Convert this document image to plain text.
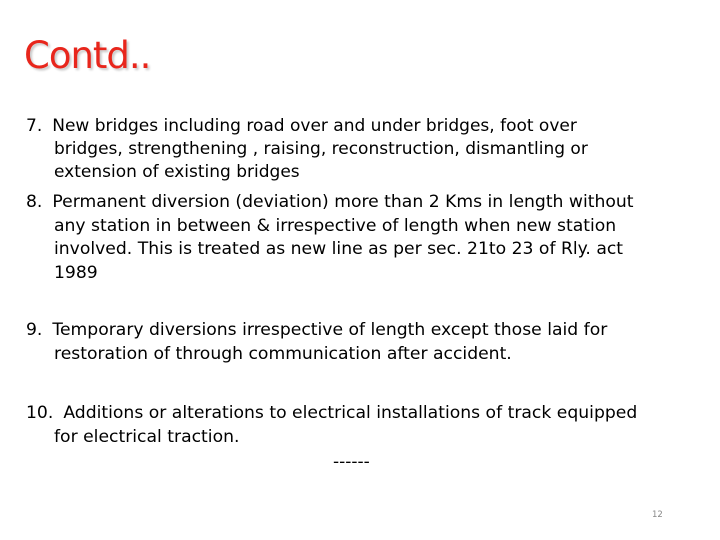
Contd..
7. New bridges including road over and under bridges, foot over
bridges, strengthening , raising, reconstruction, dismantling or
extension of existing bridges
8. Permanent diversion (deviation) more than 2 Kms in length without
any station in between & irrespective of length when new station
involved. This is treated as new line as per sec. 21to 23 of Rly. act
1989
9. Temporary diversions irrespective of length except those laid for
restoration of through communication after accident.
10. Additions or alterations to electrical installations of track equipped
for electrical traction.
------
12
